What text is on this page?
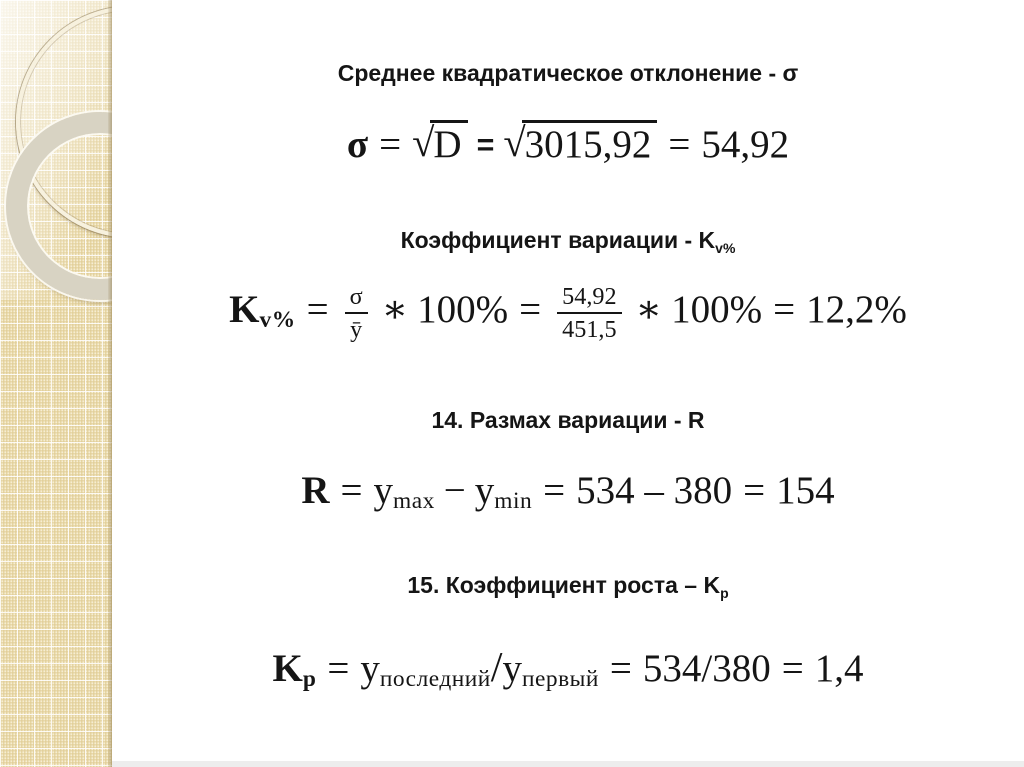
Среднее квадратическое отклонение - σ
σ = √D = √3015,92 = 54,92
Коэффициент вариации - $K_{v\%}$
$Kv\% = \frac{\sigma}{ȳ}$ ∗ $100\% = \frac{54,92}{451,5}$ ∗ 100% = 12,2%
14. Размах вариации - R
R = ymax − ymin = 534 – 380 = 154
15. Коэффициент роста – $K_p$
Kp = yпоследний/yпервый = 534/380 = 1,4
